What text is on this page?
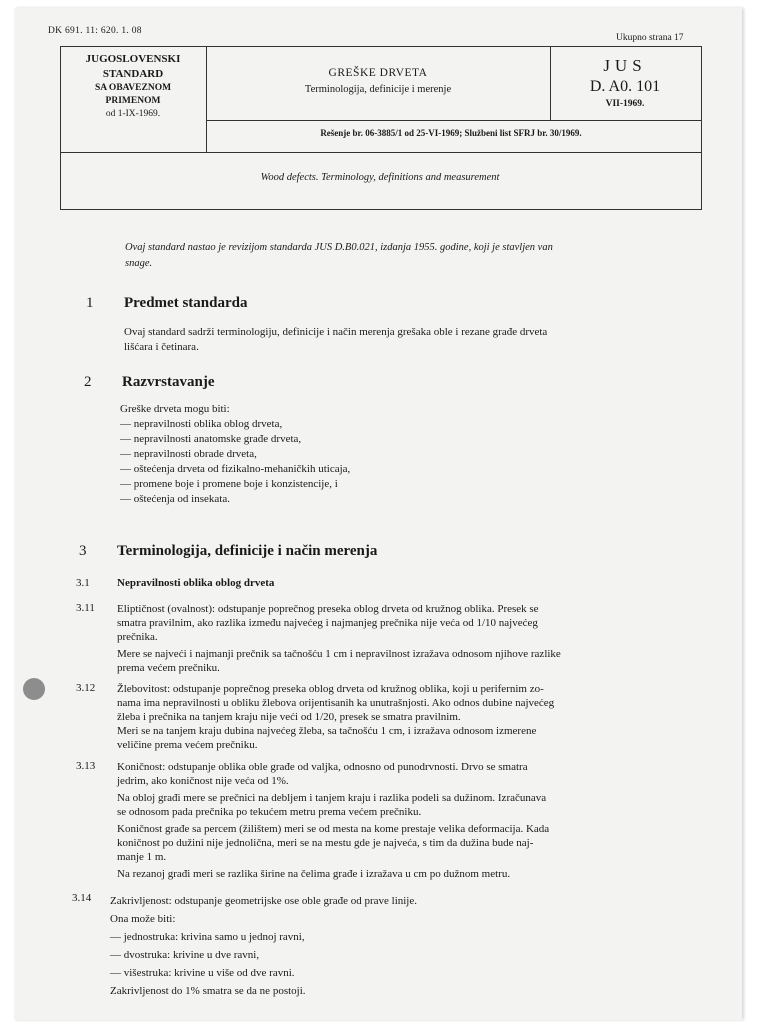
DK 691. 11: 620. 1. 08
Ukupno strana 17
JUGOSLOVENSKI
STANDARD
SA OBAVEZNOM
PRIMENOM
od 1-IX-1969.
GREŠKE DRVETA
Terminologija, definicije i merenje
JUS
D. A0. 101
VII-1969.
Rešenje br. 06-3885/1 od 25-VI-1969; Službeni list SFRJ br. 30/1969.
Wood defects. Terminology, definitions and measurement
Ovaj standard nastao je revizijom standarda JUS D.B0.021, izdanja 1955. godine, koji je stavljen van
snage.
1 Predmet standarda
Ovaj standard sadrži terminologiju, definicije i način merenja grešaka oble i rezane građe drveta
lišćara i četinara.
2 Razvrstavanje
Greške drveta mogu biti:
— nepravilnosti oblika oblog drveta,
— nepravilnosti anatomske građe drveta,
— nepravilnosti obrade drveta,
— oštećenja drveta od fizikalno-mehaničkih uticaja,
— promene boje i promene boje i konzistencije, i
— oštećenja od insekata.
3 Terminologija, definicije i način merenja
3.1 Nepravilnosti oblika oblog drveta
3.11 Eliptičnost (ovalnost): odstupanje poprečnog preseka oblog drveta od kružnog oblika. Presek se
smatra pravilnim, ako razlika između najvećeg i najmanjeg prečnika nije veća od 1/10 najvećeg
prečnika.
Mere se najveći i najmanji prečnik sa tačnošću 1 cm i nepravilnost izražava odnosom njihove razlike
prema većem prečniku.
3.12 Žlebovitost: odstupanje poprečnog preseka oblog drveta od kružnog oblika, koji u perifernim zo-
nama ima nepravilnosti u obliku žlebova orijentisanih ka unutrašnjosti. Ako odnos dubine najvećeg
žleba i prečnika na tanjem kraju nije veći od 1/20, presek se smatra pravilnim.
Meri se na tanjem kraju dubina najvećeg žleba, sa tačnošću 1 cm, i izražava odnosom izmerene
veličine prema većem prečniku.
3.13 Koničnost: odstupanje oblika oble građe od valjka, odnosno od punodrvnosti. Drvo se smatra
jedrim, ako koničnost nije veća od 1%.
Na obloj građi mere se prečnici na debljem i tanjem kraju i razlika podeli sa dužinom. Izračunava
se odnosom pada prečnika po tekućem metru prema većem prečniku.
Koničnost građe sa percem (žilištem) meri se od mesta na kome prestaje velika deformacija. Kada
koničnost po dužini nije jednolična, meri se na mestu gde je najveća, s tim da dužina bude naj-
manje 1 m.
Na rezanoj građi meri se razlika širine na čelima građe i izražava u cm po dužnom metru.
3.14 Zakrivljenost: odstupanje geometrijske ose oble građe od prave linije.
Ona može biti:
— jednostruka: krivina samo u jednoj ravni,
— dvostruka: krivine u dve ravni,
— višestruka: krivine u više od dve ravni.
Zakrivljenost do 1% smatra se da ne postoji.
